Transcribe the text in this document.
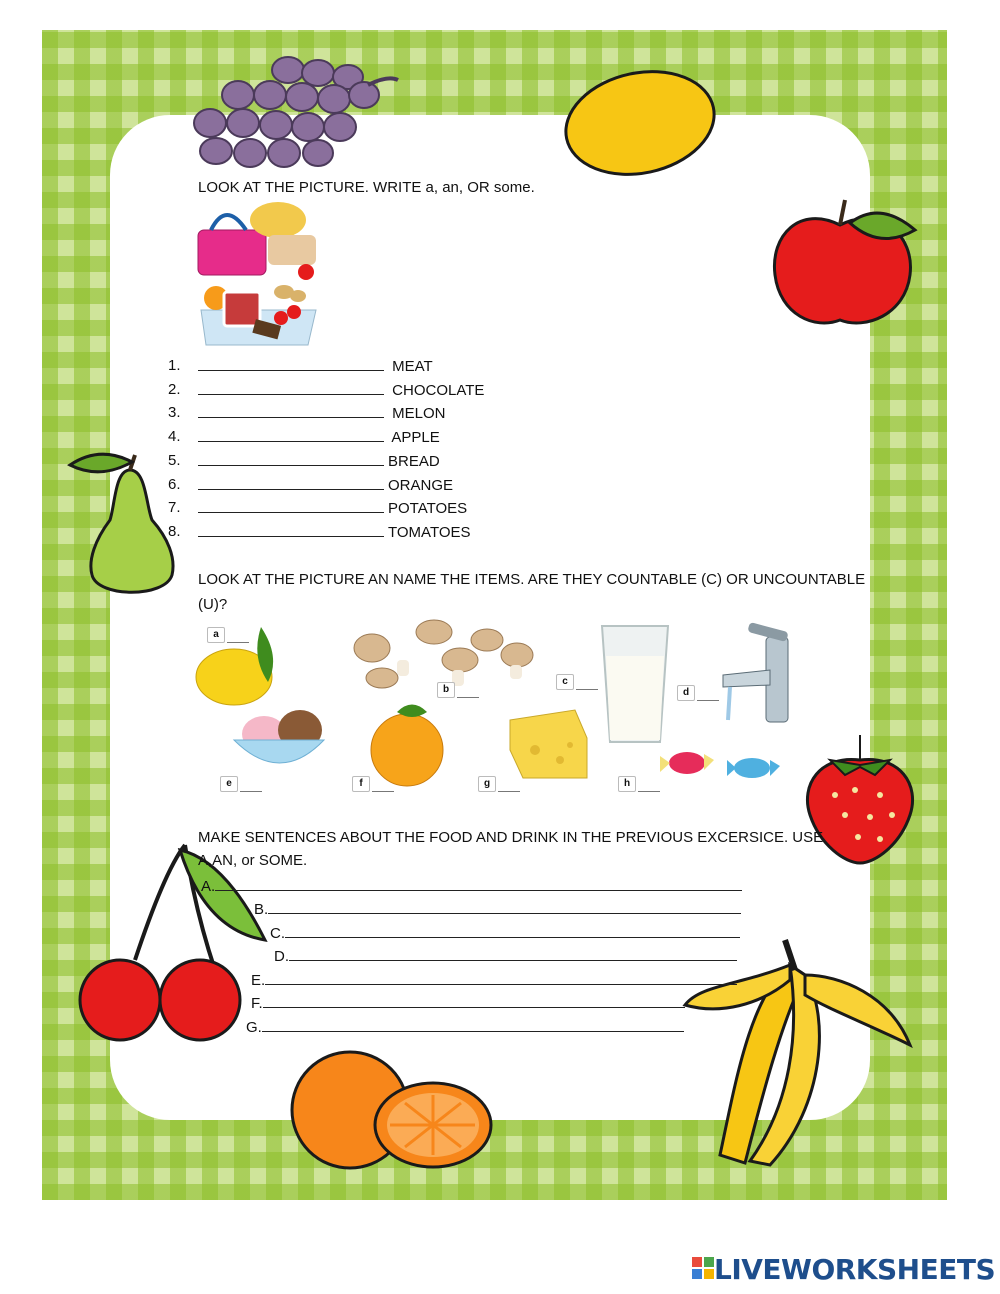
LOOK AT THE PICTURE. WRITE a, an, OR some.
1.	MEAT
2.	CHOCOLATE
3.	MELON
4.	APPLE
5.	BREAD
6.	ORANGE
7.	POTATOES
8.	TOMATOES
LOOK AT THE PICTURE AN NAME THE ITEMS. ARE THEY COUNTABLE (C) OR UNCOUNTABLE
(U)?
MAKE SENTENCES ABOUT THE FOOD AND DRINK IN THE PREVIOUS EXCERSICE. USE
A,AN, or SOME.
A.
B.
C.
D.
E.
F.
G.
LIVEWORKSHEETS
a
b
c
d
e	f	g	h
